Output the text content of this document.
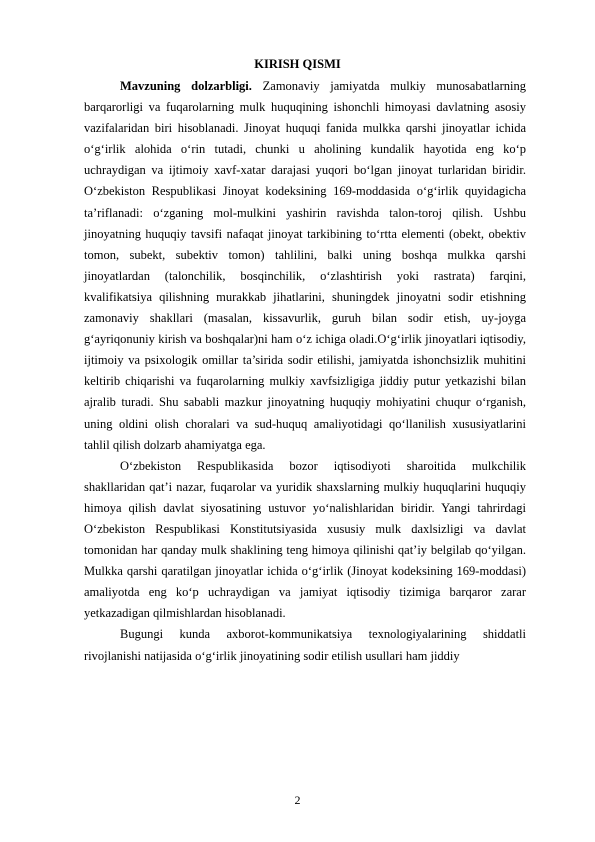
KIRISH QISMI

Mavzuning dolzarbligi. Zamonaviy jamiyatda mulkiy munosabatlarning barqarorligi va fuqarolarning mulk huquqining ishonchli himoyasi davlatning asosiy vazifalaridan biri hisoblanadi. Jinoyat huquqi fanida mulkka qarshi jinoyatlar ichida o‘g‘irlik alohida o‘rin tutadi, chunki u aholining kundalik hayotida eng ko‘p uchraydigan va ijtimoiy xavf-xatar darajasi yuqori bo‘lgan jinoyat turlaridan biridir. O‘zbekiston Respublikasi Jinoyat kodeksining 169-moddasida o‘g‘irlik quyidagicha ta’riflanadi: o‘zganing mol-mulkini yashirin ravishda talon-toroj qilish. Ushbu jinoyatning huquqiy tavsifi nafaqat jinoyat tarkibining to‘rtta elementi (obekt, obektiv tomon, subekt, subektiv tomon) tahlilini, balki uning boshqa mulkka qarshi jinoyatlardan (talonchilik, bosqinchilik, o‘zlashtirish yoki rastrata) farqini, kvalifikatsiya qilishning murakkab jihatlarini, shuningdek jinoyatni sodir etishning zamonaviy shakllari (masalan, kissavurlik, guruh bilan sodir etish, uy-joyga g‘ayriqonuniy kirish va boshqalar)ni ham o‘z ichiga oladi.O‘g‘irlik jinoyatlari iqtisodiy, ijtimoiy va psixologik omillar ta’sirida sodir etilishi, jamiyatda ishonchsizlik muhitini keltirib chiqarishi va fuqarolarning mulkiy xavfsizligiga jiddiy putur yetkazishi bilan ajralib turadi. Shu sababli mazkur jinoyatning huquqiy mohiyatini chuqur o‘rganish, uning oldini olish choralari va sud-huquq amaliyotidagi qo‘llanilish xususiyatlarini tahlil qilish dolzarb ahamiyatga ega.

O‘zbekiston Respublikasida bozor iqtisodiyoti sharoitida mulkchilik shakllaridan qat’i nazar, fuqarolar va yuridik shaxslarning mulkiy huquqlarini huquqiy himoya qilish davlat siyosatining ustuvor yo‘nalishlaridan biridir. Yangi tahrirdagi O‘zbekiston Respublikasi Konstitutsiyasida xususiy mulk daxlsizligi va davlat tomonidan har qanday mulk shaklining teng himoya qilinishi qat’iy belgilab qo‘yilgan. Mulkka qarshi qaratilgan jinoyatlar ichida o‘g‘irlik (Jinoyat kodeksining 169-moddasi) amaliyotda eng ko‘p uchraydigan va jamiyat iqtisodiy tizimiga barqaror zarar yetkazadigan qilmishlardan hisoblanadi.

Bugungi kunda axborot-kommunikatsiya texnologiyalarining shiddatli rivojlanishi natijasida o‘g‘irlik jinoyatining sodir etilish usullari ham jiddiy

2
